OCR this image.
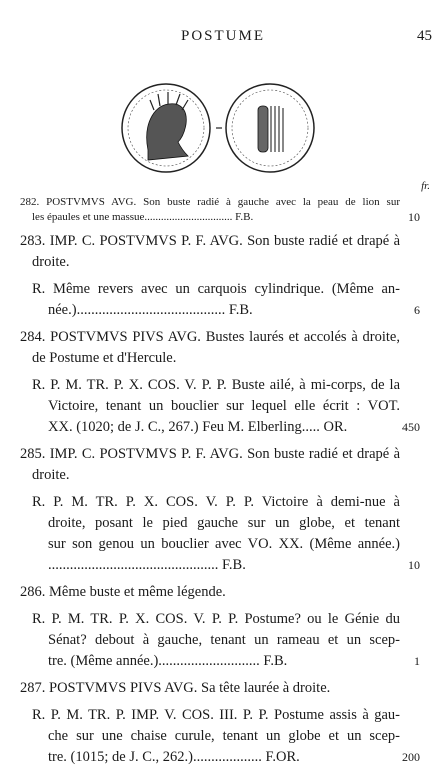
POSTUME	45
fr.
282. POSTVMVS AVG. Son buste radié à gauche avec la peau de lion sur
les épaules et une massue................................ F.B.	10
283. IMP. C. POSTVMVS P. F. AVG. Son buste radié et drapé à
droite.
R. Même revers avec un carquois cylindrique. (Même an-
née.)......................................... F.B.	6
284. POSTVMVS PIVS AVG. Bustes laurés et accolés à droite,
de Postume et d'Hercule.
R. P. M. TR. P. X. COS. V. P. P. Buste ailé, à mi-corps, de la
Victoire, tenant un bouclier sur lequel elle écrit : VOT.
XX. (1020; de J. C., 267.) Feu M. Elberling..... OR.	450
285. IMP. C. POSTVMVS P. F. AVG. Son buste radié et drapé à
droite.
R. P. M. TR. P. X. COS. V. P. P. Victoire à demi-nue à
droite, posant le pied gauche sur un globe, et tenant
sur son genou un bouclier avec VO. XX. (Même année.)
............................................... F.B.	10
286. Même buste et même légende.
R. P. M. TR. P. X. COS. V. P. P. Postume? ou le Génie du
Sénat? debout à gauche, tenant un rameau et un scep-
tre. (Même année.)............................ F.B.	1
287. POSTVMVS PIVS AVG. Sa tête laurée à droite.
R. P. M. TR. P. IMP. V. COS. III. P. P. Postume assis à gau-
che sur une chaise curule, tenant un globe et un scep-
tre. (1015; de J. C., 262.)................... F.OR.	200
